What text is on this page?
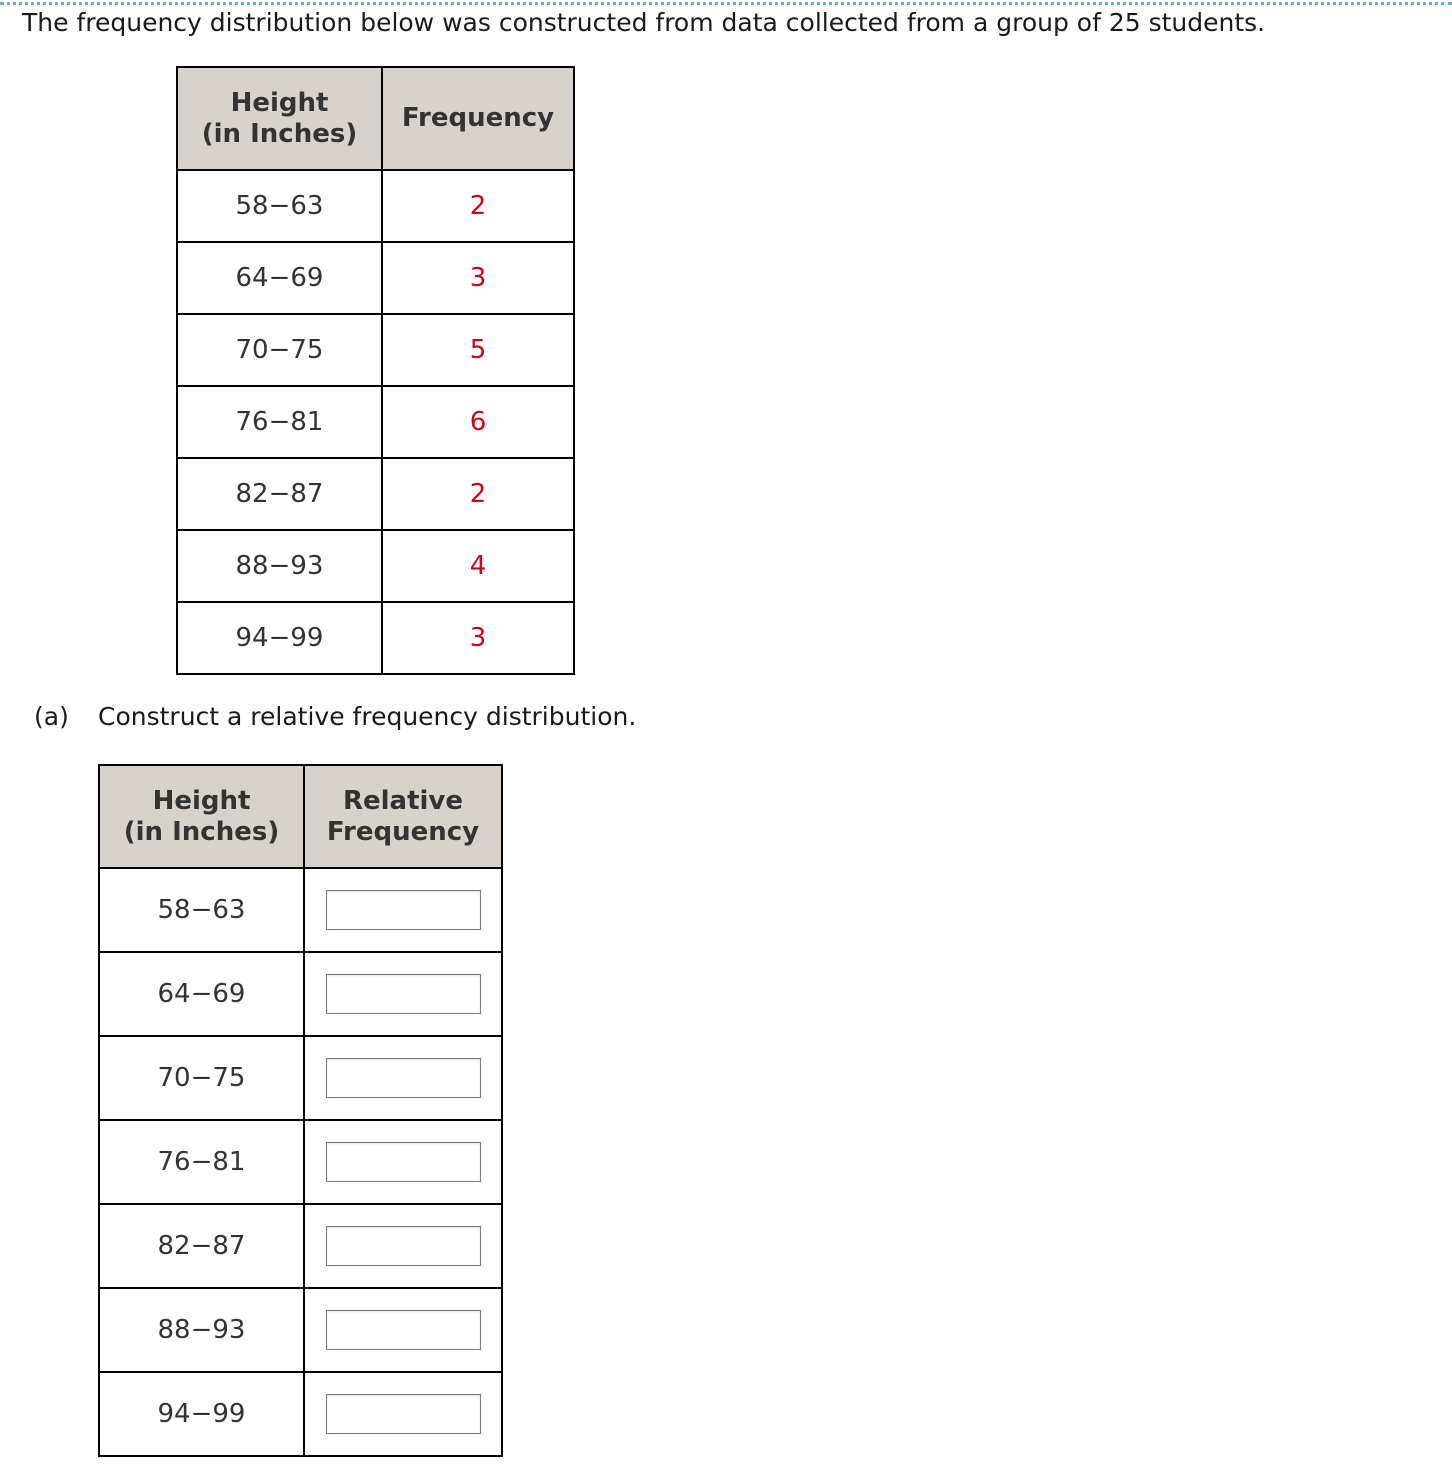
The frequency distribution below was constructed from data collected from a group of 25 students.
Height
(in Inches)	Frequency
58−63	2
64−69	3
70−75	5
76−81	6
82−87	2
88−93	4
94−99	3
(a) Construct a relative frequency distribution.
Height
(in Inches)	Relative
Frequency
58−63	
64−69	
70−75	
76−81	
82−87	
88−93	
94−99	
